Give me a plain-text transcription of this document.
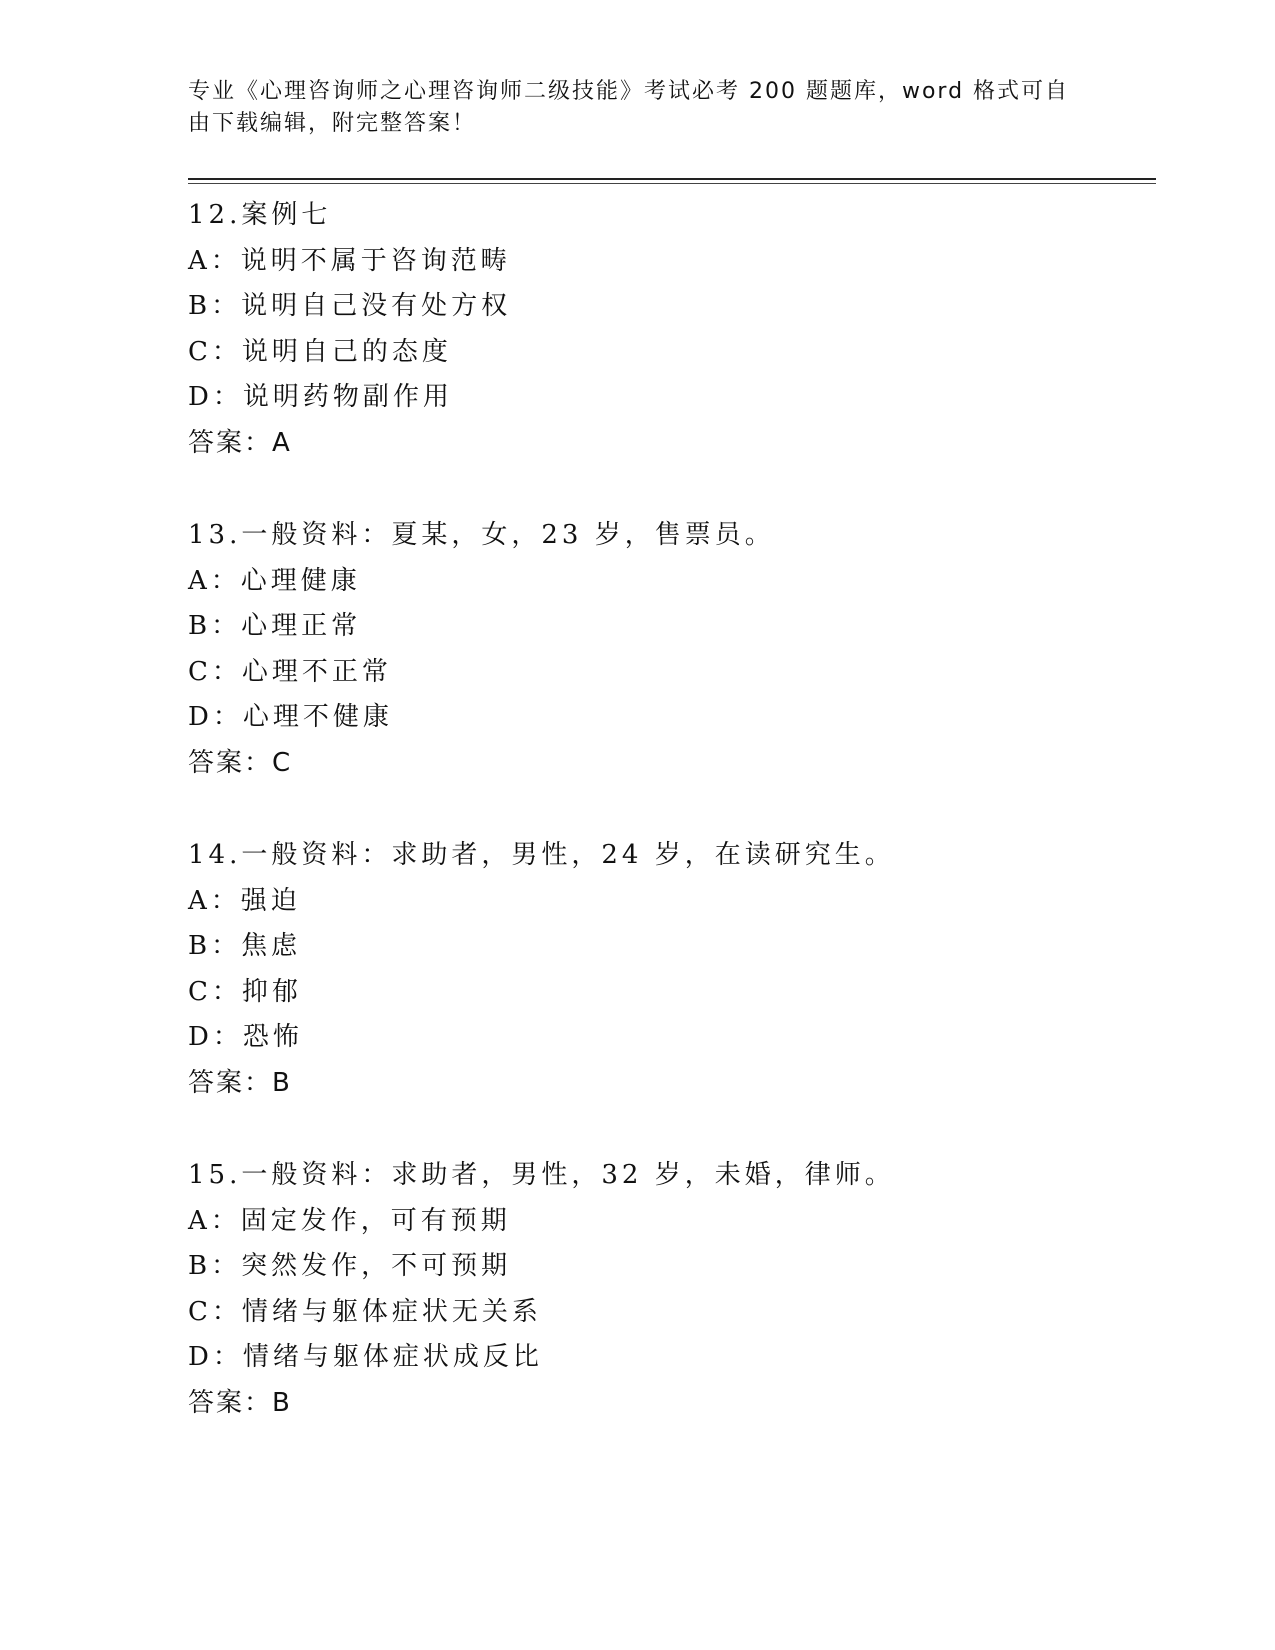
专业《心理咨询师之心理咨询师二级技能》考试必考 200 题题库，word 格式可自
由下载编辑，附完整答案！
12.案例七
A：说明不属于咨询范畴
B：说明自己没有处方权
C：说明自己的态度
D：说明药物副作用
答案：A
13.一般资料：夏某，女，23 岁，售票员。
A：心理健康
B：心理正常
C：心理不正常
D：心理不健康
答案：C
14.一般资料：求助者，男性，24 岁，在读研究生。
A：强迫
B：焦虑
C：抑郁
D：恐怖
答案：B
15.一般资料：求助者，男性，32 岁，未婚，律师。
A：固定发作，可有预期
B：突然发作，不可预期
C：情绪与躯体症状无关系
D：情绪与躯体症状成反比
答案：B
